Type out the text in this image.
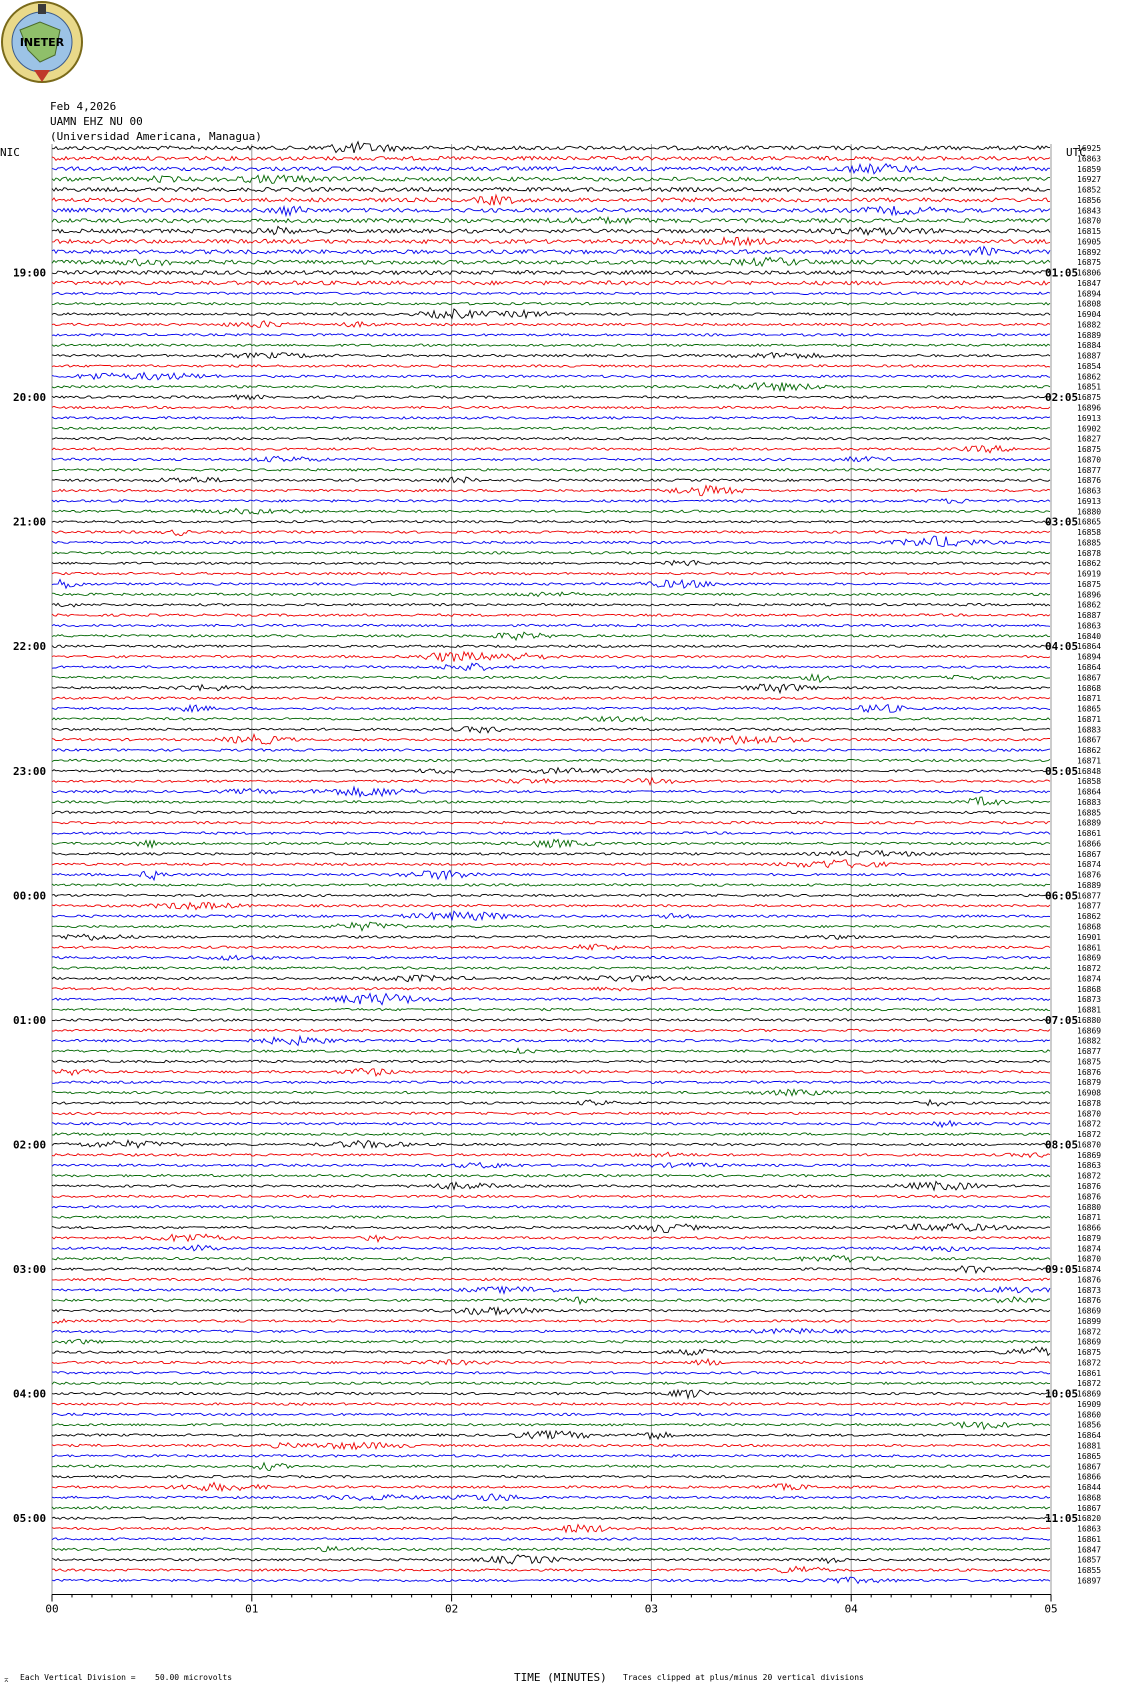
INETER
Feb 4,2026
UAMN EHZ NU 00
(Universidad Americana, Managua)
NIC	UTC
16925
16863
16859
16927
16852
16856
16843
16870
16815
16905
16892
16875
16806
16847
16894
16808
16904
16882
16889
16884
16887
16854
16862
16851
16875
16896
16913
16902
16827
16875
16870
16877
16876
16863
16913
16880
16865
16858
16885
16878
16862
16919
16875
16896
16862
16887
16863
16840
16864
16894
16864
16867
16868
16871
16865
16871
16883
16867
16862
16871
16848
16858
16864
16883
16885
16889
16861
16866
16867
16874
16876
16889
16877
16877
16862
16868
16901
16861
16869
16872
16874
16868
16873
16881
16880
16869
16882
16877
16875
16876
16879
16908
16878
16870
16872
16872
16870
16869
16863
16872
16876
16876
16880
16871
16866
16879
16874
16870
16874
16876
16873
16876
16869
16899
16872
16869
16875
16872
16861
16872
16869
16909
16860
16856
16864
16881
16865
16867
16866
16844
16868
16867
16820
16863
16861
16847
16857
16855
16897
19:00
20:00
21:00
22:00
23:00
00:00
01:00
02:00
03:00
04:00
05:00
01:05
02:05
03:05
04:05
05:05
06:05
07:05
08:05
09:05
10:05
11:05
00	01	02	03	04	05
⌅ Each Vertical Division = 50.00 microvolts	TIME (MINUTES) Traces clipped at plus/minus 20 vertical divisions
